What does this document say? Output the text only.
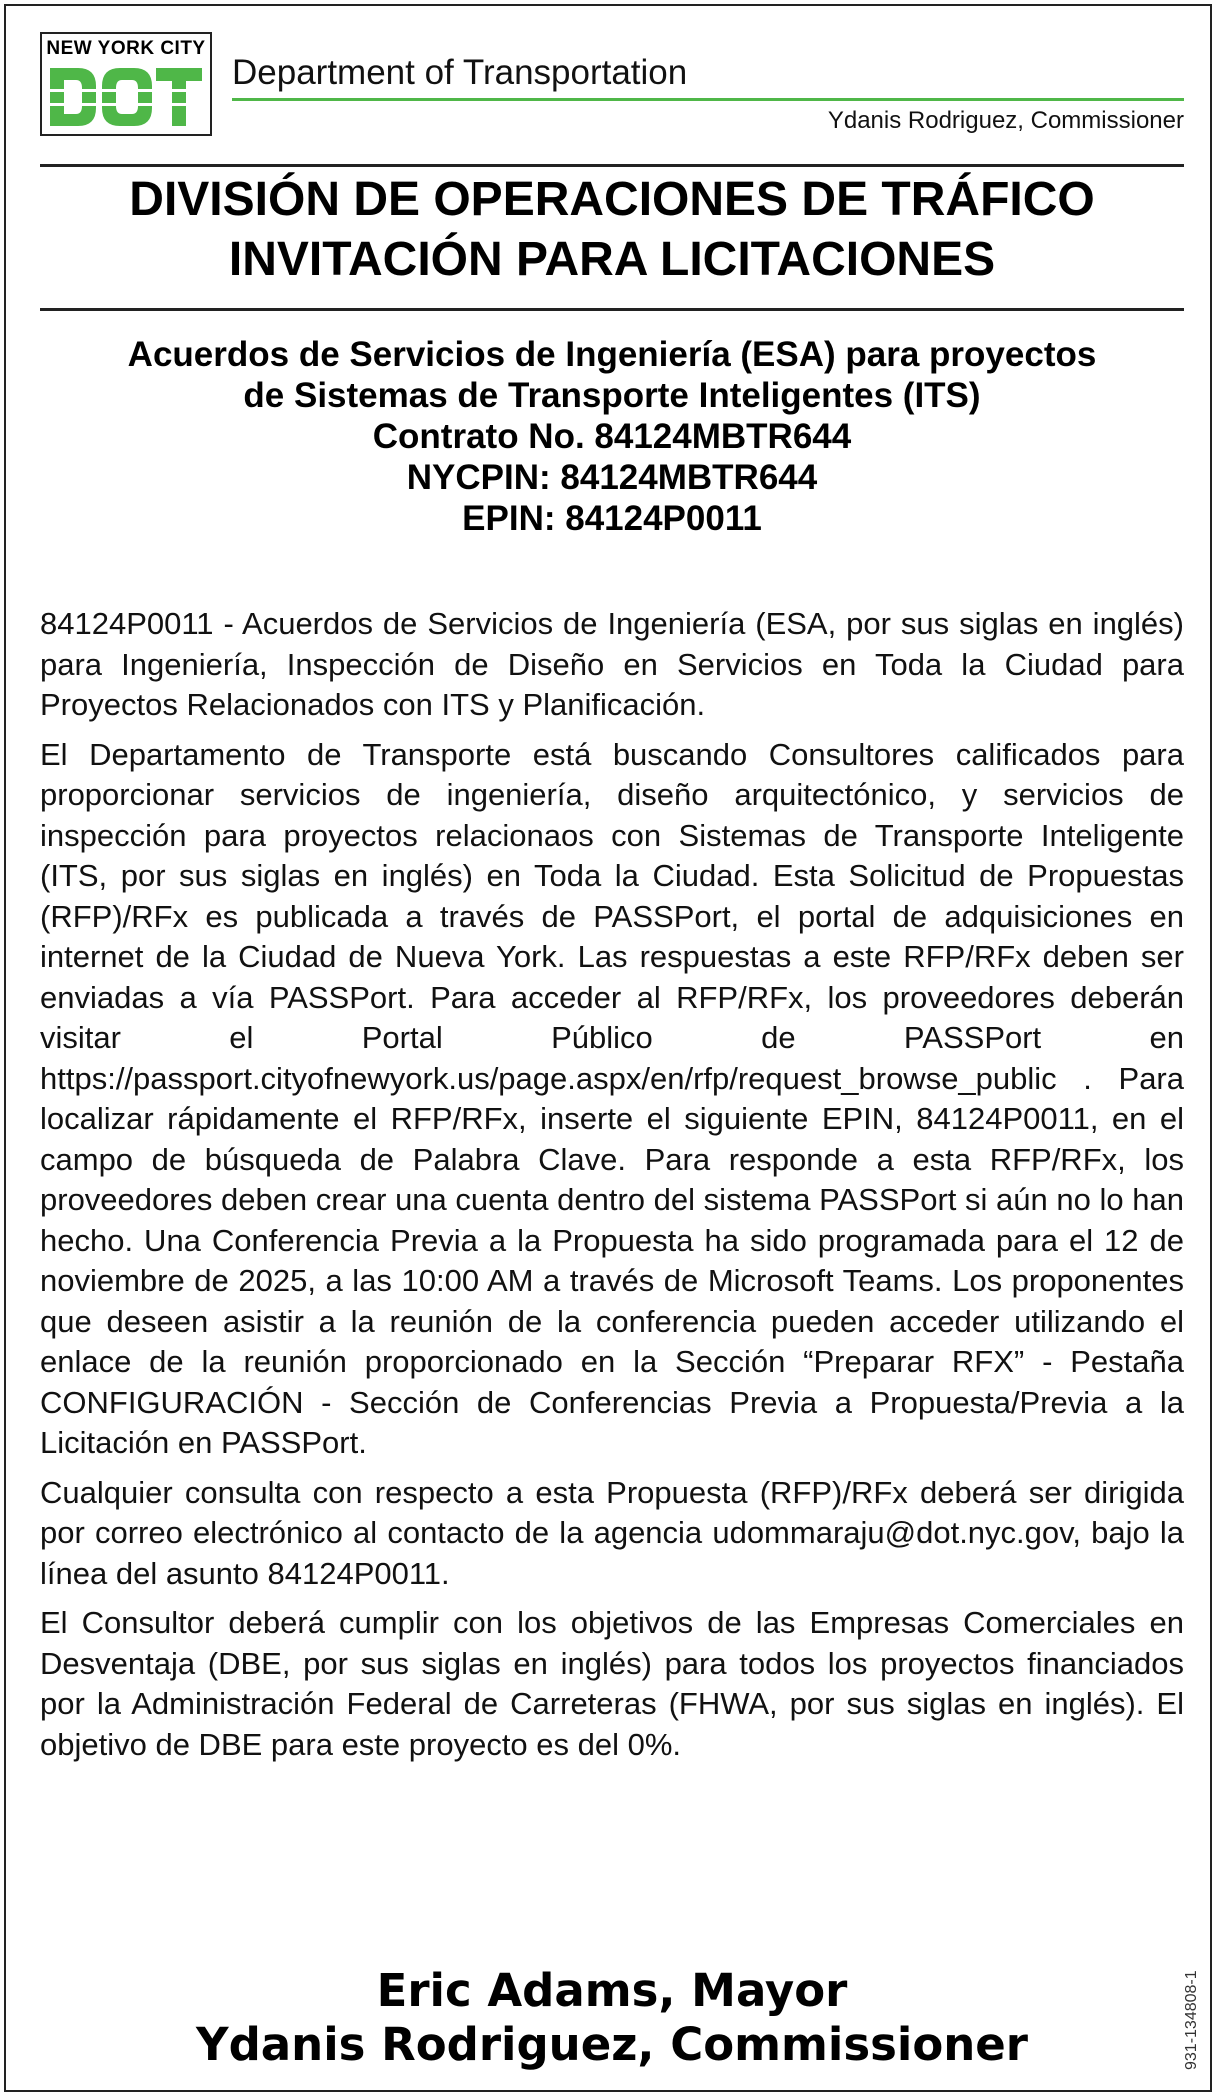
NEW YORK CITY
Department of Transportation
Ydanis Rodriguez, Commissioner
DIVISIÓN DE OPERACIONES DE TRÁFICO
INVITACIÓN PARA LICITACIONES
Acuerdos de Servicios de Ingeniería (ESA) para proyectos
de Sistemas de Transporte Inteligentes (ITS)
Contrato No. 84124MBTR644
NYCPIN: 84124MBTR644
EPIN: 84124P0011

84124P0011 - Acuerdos de Servicios de Ingeniería (ESA, por sus siglas en inglés) para Ingeniería, Inspección de Diseño en Servicios en Toda la Ciudad para Proyectos Relacionados con ITS y Planificación.

El Departamento de Transporte está buscando Consultores calificados para proporcionar servicios de ingeniería, diseño arquitectónico, y servicios de inspección para proyectos relacionaos con Sistemas de Transporte Inteligente (ITS, por sus siglas en inglés) en Toda la Ciudad. Esta Solicitud de Propuestas (RFP)/RFx es publicada a través de PASSPort, el portal de adquisiciones en internet de la Ciudad de Nueva York. Las respuestas a este RFP/RFx deben ser enviadas a vía PASSPort. Para acceder al RFP/RFx, los proveedores deberán visitar el Portal Público de PASSPort en https://passport.cityofnewyork.us/page.aspx/en/rfp/request_browse_public . Para localizar rápidamente el RFP/RFx, inserte el siguiente EPIN, 84124P0011, en el campo de búsqueda de Palabra Clave. Para responde a esta RFP/RFx, los proveedores deben crear una cuenta dentro del sistema PASSPort si aún no lo han hecho. Una Conferencia Previa a la Propuesta ha sido programada para el 12 de noviembre de 2025, a las 10:00 AM a través de Microsoft Teams. Los proponentes que deseen asistir a la reunión de la conferencia pueden acceder utilizando el enlace de la reunión proporcionado en la Sección “Preparar RFX” - Pestaña CONFIGURACIÓN - Sección de Conferencias Previa a Propuesta/Previa a la Licitación en PASSPort.

Cualquier consulta con respecto a esta Propuesta (RFP)/RFx deberá ser dirigida por correo electrónico al contacto de la agencia udommaraju@dot.nyc.gov, bajo la línea del asunto 84124P0011.

El Consultor deberá cumplir con los objetivos de las Empresas Comerciales en Desventaja (DBE, por sus siglas en inglés) para todos los proyectos financiados por la Administración Federal de Carreteras (FHWA, por sus siglas en inglés). El objetivo de DBE para este proyecto es del 0%.

Eric Adams, Mayor
Ydanis Rodriguez, Commissioner	931-134808-1
